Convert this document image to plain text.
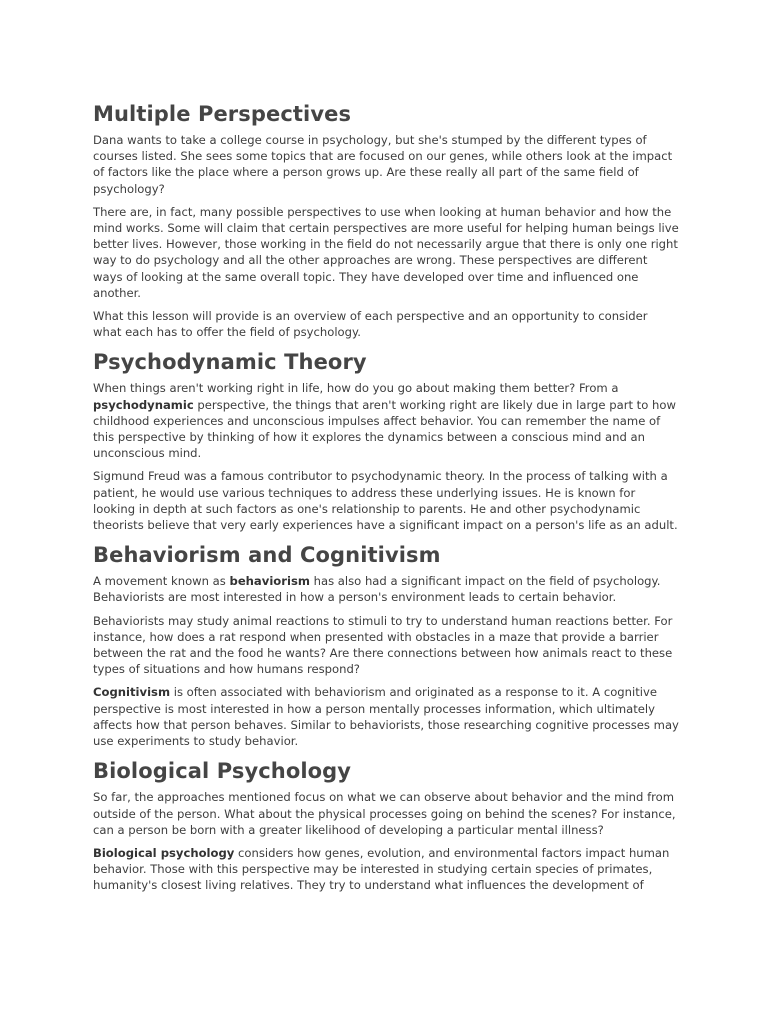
Multiple Perspectives

Dana wants to take a college course in psychology, but she's stumped by the different types of courses listed. She sees some topics that are focused on our genes, while others look at the impact of factors like the place where a person grows up. Are these really all part of the same field of psychology?

There are, in fact, many possible perspectives to use when looking at human behavior and how the mind works. Some will claim that certain perspectives are more useful for helping human beings live better lives. However, those working in the field do not necessarily argue that there is only one right way to do psychology and all the other approaches are wrong. These perspectives are different ways of looking at the same overall topic. They have developed over time and influenced one another.

What this lesson will provide is an overview of each perspective and an opportunity to consider what each has to offer the field of psychology.

Psychodynamic Theory

When things aren't working right in life, how do you go about making them better? From a psychodynamic perspective, the things that aren't working right are likely due in large part to how childhood experiences and unconscious impulses affect behavior. You can remember the name of this perspective by thinking of how it explores the dynamics between a conscious mind and an unconscious mind.

Sigmund Freud was a famous contributor to psychodynamic theory. In the process of talking with a patient, he would use various techniques to address these underlying issues. He is known for looking in depth at such factors as one's relationship to parents. He and other psychodynamic theorists believe that very early experiences have a significant impact on a person's life as an adult.

Behaviorism and Cognitivism

A movement known as behaviorism has also had a significant impact on the field of psychology. Behaviorists are most interested in how a person's environment leads to certain behavior.

Behaviorists may study animal reactions to stimuli to try to understand human reactions better. For instance, how does a rat respond when presented with obstacles in a maze that provide a barrier between the rat and the food he wants? Are there connections between how animals react to these types of situations and how humans respond?

Cognitivism is often associated with behaviorism and originated as a response to it. A cognitive perspective is most interested in how a person mentally processes information, which ultimately affects how that person behaves. Similar to behaviorists, those researching cognitive processes may use experiments to study behavior.

Biological Psychology

So far, the approaches mentioned focus on what we can observe about behavior and the mind from outside of the person. What about the physical processes going on behind the scenes? For instance, can a person be born with a greater likelihood of developing a particular mental illness?

Biological psychology considers how genes, evolution, and environmental factors impact human behavior. Those with this perspective may be interested in studying certain species of primates, humanity's closest living relatives. They try to understand what influences the development of
